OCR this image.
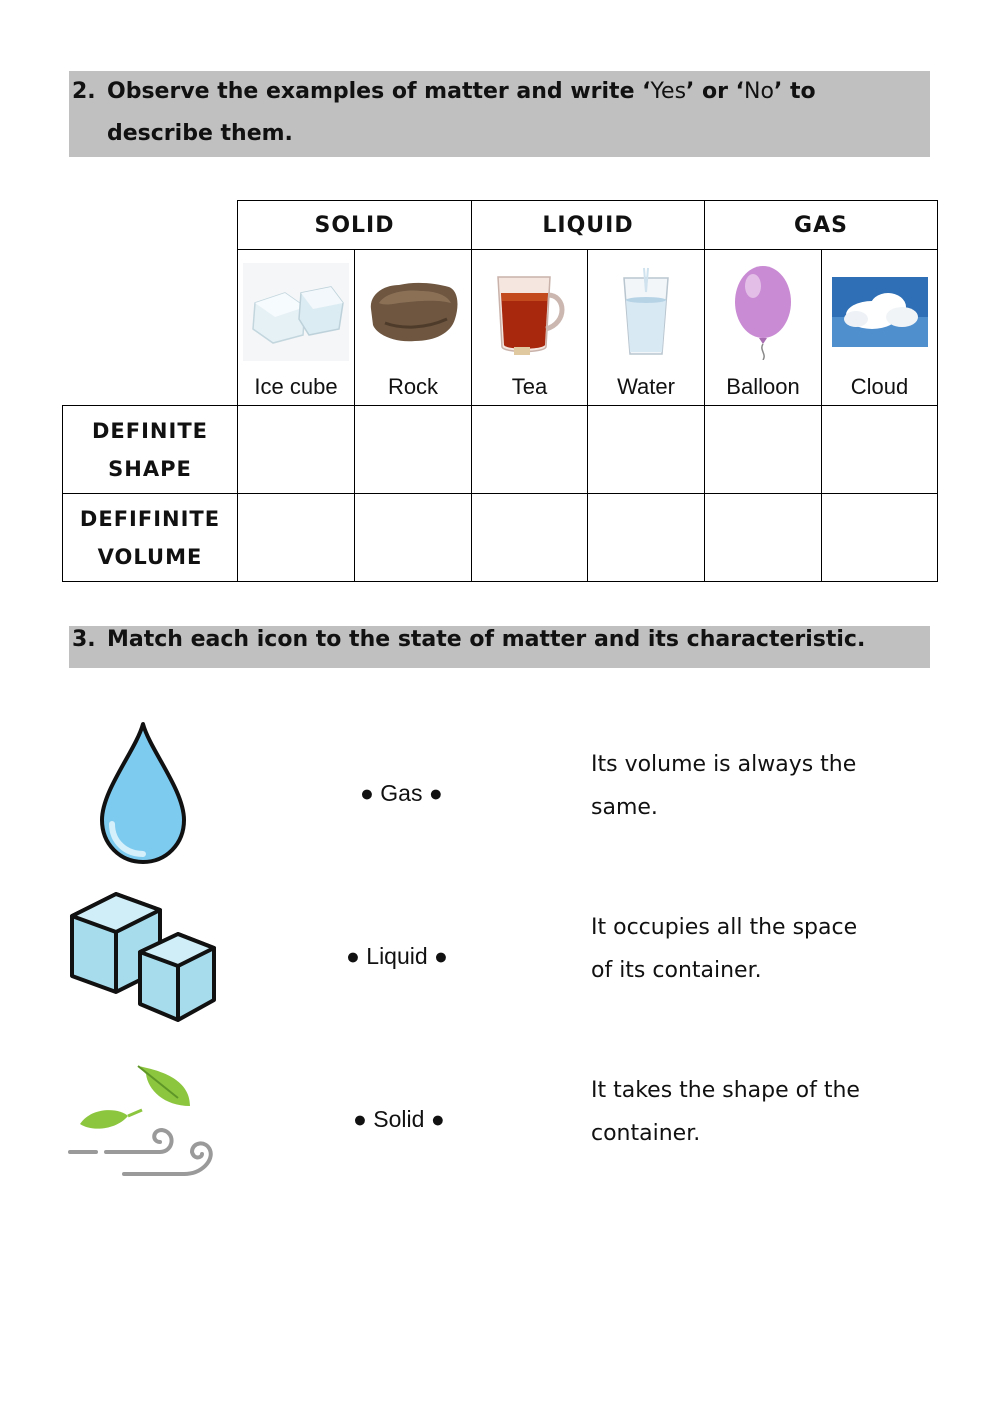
2. Observe the examples of matter and write ‘Yes’ or ‘No’ to
describe them.
	SOLID		LIQUID		GAS	

	Ice cube	Rock	Tea	Water	Balloon	Cloud

DEFINITE
SHAPE						
DEFIFINITE
VOLUME						
3. Match each icon to the state of matter and its characteristic.
● Gas ●
● Liquid ●
● Solid ●
Its volume is always the
same.
It occupies all the space
of its container.
It takes the shape of the
container.
